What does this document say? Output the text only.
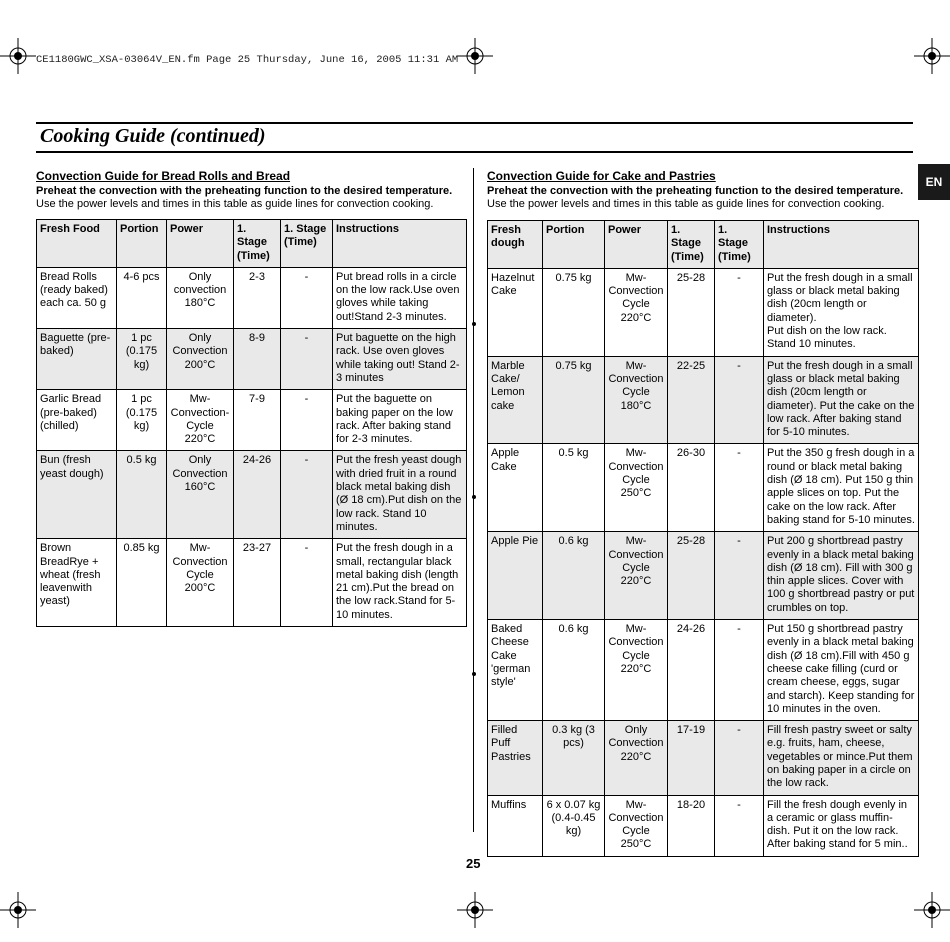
CE1180GWC_XSA-03064V_EN.fm Page 25 Thursday, June 16, 2005 11:31 AM
Cooking Guide (continued)
EN

Convection Guide for Bread Rolls and Bread

Preheat the convection with the preheating function to the desired temperature.

Use the power levels and times in this table as guide lines for convection cooking.

Fresh Food	Portion	Power	1. Stage (Time)	1. Stage (Time)	Instructions
Bread Rolls (ready baked) each ca. 50 g	4-6 pcs	Only convection 180°C	2-3	-	Put bread rolls in a circle on the low rack.Use oven gloves while taking out!Stand 2-3 minutes.
Baguette (pre-baked)	1 pc (0.175 kg)	Only Convection 200°C	8-9	-	Put baguette on the high rack. Use oven gloves while taking out! Stand 2-3 minutes
Garlic Bread (pre-baked) (chilled)	1 pc (0.175 kg)	Mw-Convection-Cycle 220°C	7-9	-	Put the baguette on baking paper on the low rack. After baking stand for 2-3 minutes.
Bun (fresh yeast dough)	0.5 kg	Only Convection 160°C	24-26	-	Put the fresh yeast dough with dried fruit in a round black metal baking dish (Ø 18 cm).Put dish on the low rack. Stand 10 minutes.
Brown BreadRye + wheat (fresh leavenwith yeast)	0.85 kg	Mw-Convection Cycle 200°C	23-27	-	Put the fresh dough in a small, rectangular black metal baking dish (length 21 cm).Put the bread on the low rack.Stand for 5-10 minutes.

Convection Guide for Cake and Pastries

Preheat the convection with the preheating function to the desired temperature.

Use the power levels and times in this table as guide lines for convection cooking.

Fresh dough	Portion	Power	1. Stage (Time)	1. Stage (Time)	Instructions
Hazelnut Cake	0.75 kg	Mw-Convection Cycle 220°C	25-28	-	Put the fresh dough in a small glass or black metal baking dish (20cm length or diameter).
Put dish on the low rack.
Stand 10 minutes.
Marble Cake/ Lemon cake	0.75 kg	Mw-Convection Cycle 180°C	22-25	-	Put the fresh dough in a small glass or black metal baking dish (20cm length or diameter). Put the cake on the low rack. After baking stand for 5-10 minutes.
Apple Cake	0.5 kg	Mw-Convection Cycle 250°C	26-30	-	Put the 350 g fresh dough in a round or black metal baking dish (Ø 18 cm). Put 150 g thin apple slices on top. Put the cake on the low rack. After baking stand for 5-10 minutes.
Apple Pie	0.6 kg	Mw-Convection Cycle 220°C	25-28	-	Put 200 g shortbread pastry evenly in a black metal baking dish (Ø 18 cm). Fill with 300 g thin apple slices. Cover with 100 g shortbread pastry or put crumbles on top.
Baked Cheese Cake 'german style'	0.6 kg	Mw-Convection Cycle 220°C	24-26	-	Put 150 g shortbread pastry evenly in a black metal baking dish (Ø 18 cm).Fill with 450 g cheese cake filling (curd or cream cheese, eggs, sugar and starch). Keep standing for 10 minutes in the oven.
Filled Puff Pastries	0.3 kg (3 pcs)	Only Convection 220°C	17-19	-	Fill fresh pastry sweet or salty e.g. fruits, ham, cheese, vegetables or mince.Put them on baking paper in a circle on the low rack.
Muffins	6 x 0.07 kg (0.4-0.45 kg)	Mw-Convection Cycle 250°C	18-20	-	Fill the fresh dough evenly in a ceramic or glass muffin-dish. Put it on the low rack. After baking stand for 5 min..
25
